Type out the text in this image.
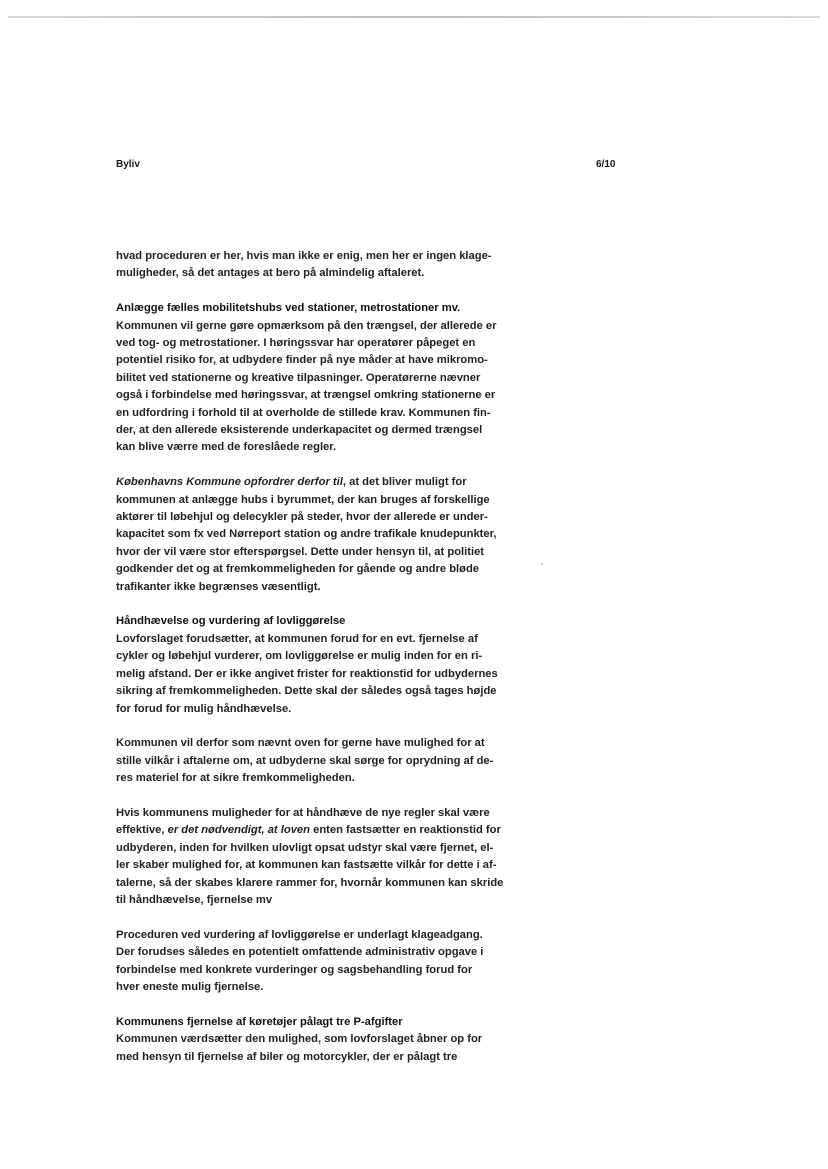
Byliv	6/10
hvad proceduren er her, hvis man ikke er enig, men her er ingen klage-
muligheder, så det antages at bero på almindelig aftaleret.
Anlægge fælles mobilitetshubs ved stationer, metrostationer mv.
Kommunen vil gerne gøre opmærksom på den trængsel, der allerede er
ved tog- og metrostationer. I høringssvar har operatører påpeget en
potentiel risiko for, at udbydere finder på nye måder at have mikromo-
bilitet ved stationerne og kreative tilpasninger. Operatørerne nævner
også i forbindelse med høringssvar, at trængsel omkring stationerne er
en udfordring i forhold til at overholde de stillede krav. Kommunen fin-
der, at den allerede eksisterende underkapacitet og dermed trængsel
kan blive værre med de foreslåede regler.
Københavns Kommune opfordrer derfor til, at det bliver muligt for
kommunen at anlægge hubs i byrummet, der kan bruges af forskellige
aktører til løbehjul og delecykler på steder, hvor der allerede er under-
kapacitet som fx ved Nørreport station og andre trafikale knudepunkter,
hvor der vil være stor efterspørgsel. Dette under hensyn til, at politiet
godkender det og at fremkommeligheden for gående og andre bløde
trafikanter ikke begrænses væsentligt.
Håndhævelse og vurdering af lovliggørelse
Lovforslaget forudsætter, at kommunen forud for en evt. fjernelse af
cykler og løbehjul vurderer, om lovliggørelse er mulig inden for en ri-
melig afstand. Der er ikke angivet frister for reaktionstid for udbydernes
sikring af fremkommeligheden. Dette skal der således også tages højde
for forud for mulig håndhævelse.
Kommunen vil derfor som nævnt oven for gerne have mulighed for at
stille vilkår i aftalerne om, at udbyderne skal sørge for oprydning af de-
res materiel for at sikre fremkommeligheden.
Hvis kommunens muligheder for at håndhæve de nye regler skal være
effektive, er det nødvendigt, at loven enten fastsætter en reaktionstid for
udbyderen, inden for hvilken ulovligt opsat udstyr skal være fjernet, el-
ler skaber mulighed for, at kommunen kan fastsætte vilkår for dette i af-
talerne, så der skabes klarere rammer for, hvornår kommunen kan skride
til håndhævelse, fjernelse mv
Proceduren ved vurdering af lovliggørelse er underlagt klageadgang.
Der forudses således en potentielt omfattende administrativ opgave i
forbindelse med konkrete vurderinger og sagsbehandling forud for
hver eneste mulig fjernelse.
Kommunens fjernelse af køretøjer pålagt tre P-afgifter
Kommunen værdsætter den mulighed, som lovforslaget åbner op for
med hensyn til fjernelse af biler og motorcykler, der er pålagt tre
